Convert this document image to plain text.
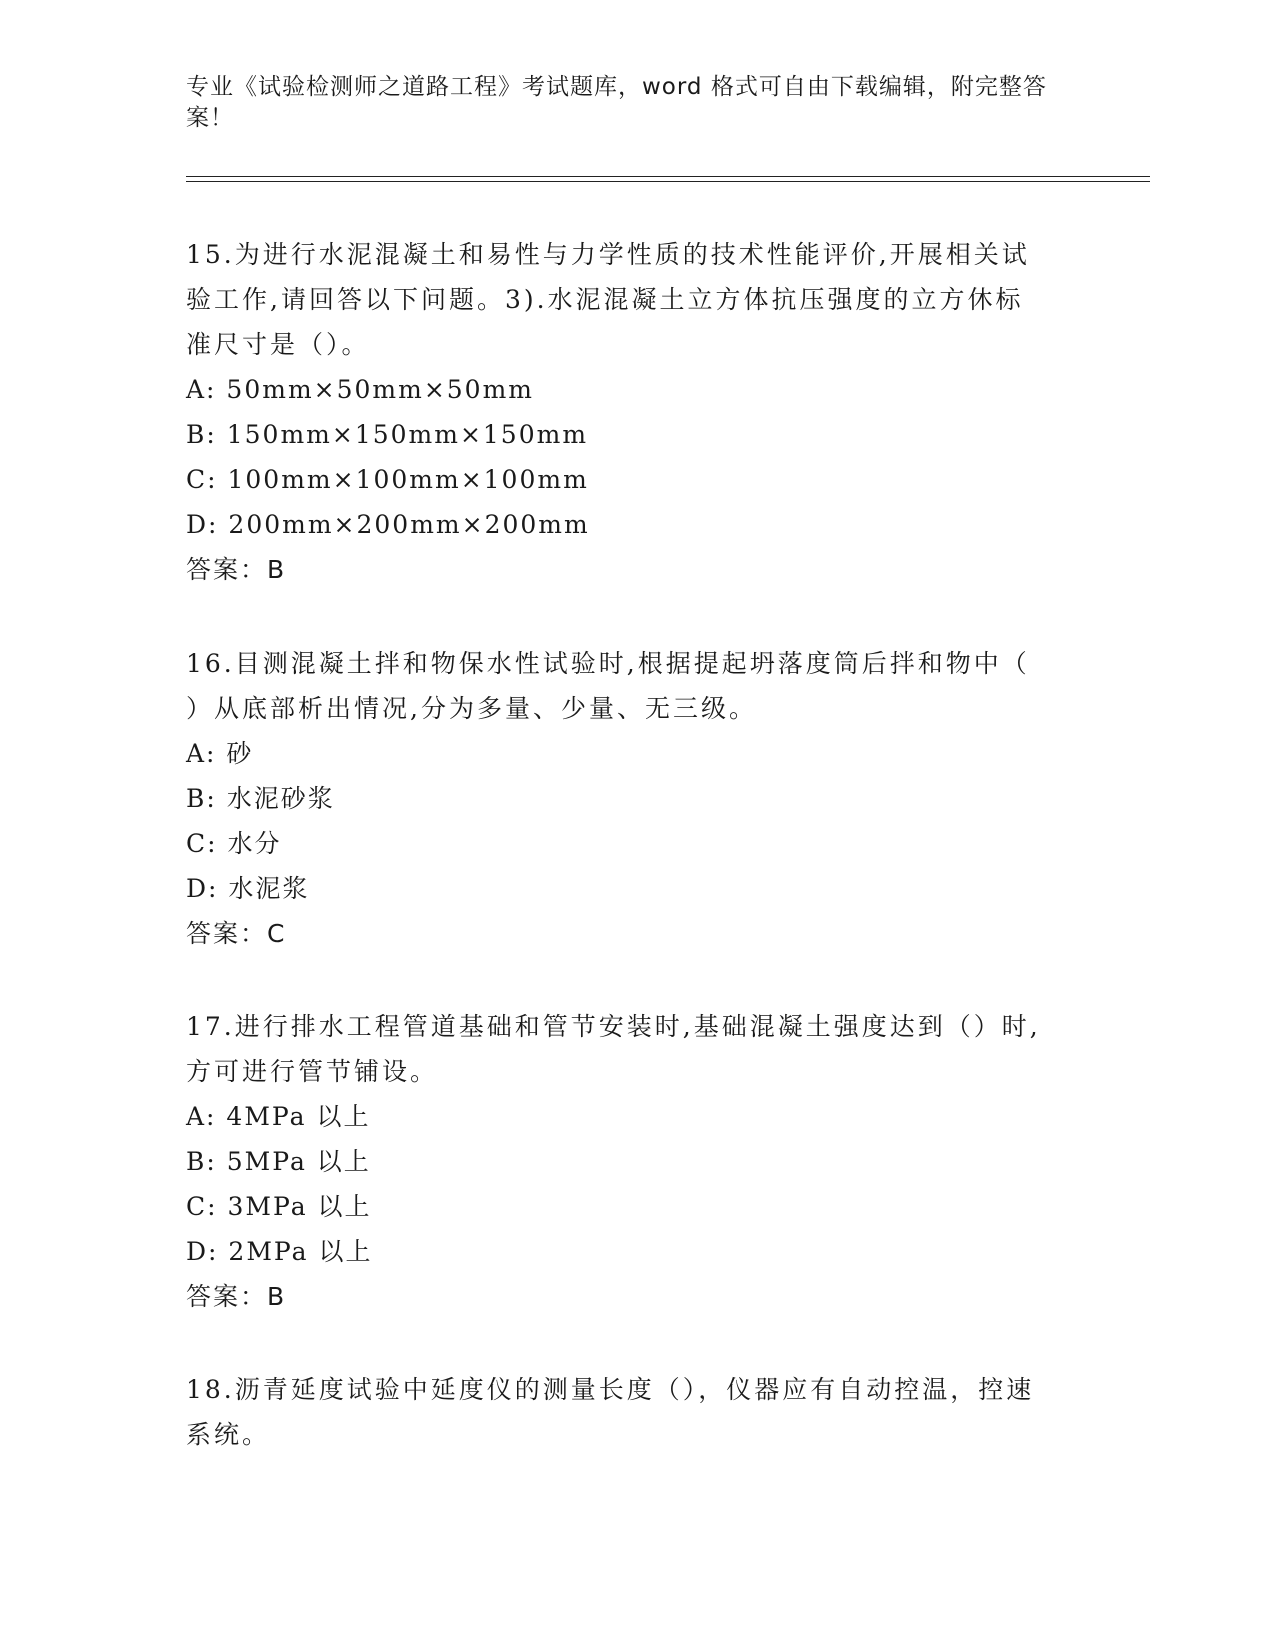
专业《试验检测师之道路工程》考试题库，word 格式可自由下载编辑，附完整答案！

15.为进行水泥混凝土和易性与力学性质的技术性能评价,开展相关试

验工作,请回答以下问题。3).水泥混凝土立方体抗压强度的立方休标

准尺寸是（）。

A: 50mm×50mm×50mm

B: 150mm×150mm×150mm

C: 100mm×100mm×100mm

D: 200mm×200mm×200mm

答案：B

16.目测混凝土拌和物保水性试验时,根据提起坍落度筒后拌和物中（

）从底部析出情况,分为多量、少量、无三级。

A: 砂

B: 水泥砂浆

C: 水分

D: 水泥浆

答案：C

17.进行排水工程管道基础和管节安装时,基础混凝土强度达到（）时,

方可进行管节铺设。

A: 4MPa 以上

B: 5MPa 以上

C: 3MPa 以上

D: 2MPa 以上

答案：B

18.沥青延度试验中延度仪的测量长度（），仪器应有自动控温，控速

系统。
